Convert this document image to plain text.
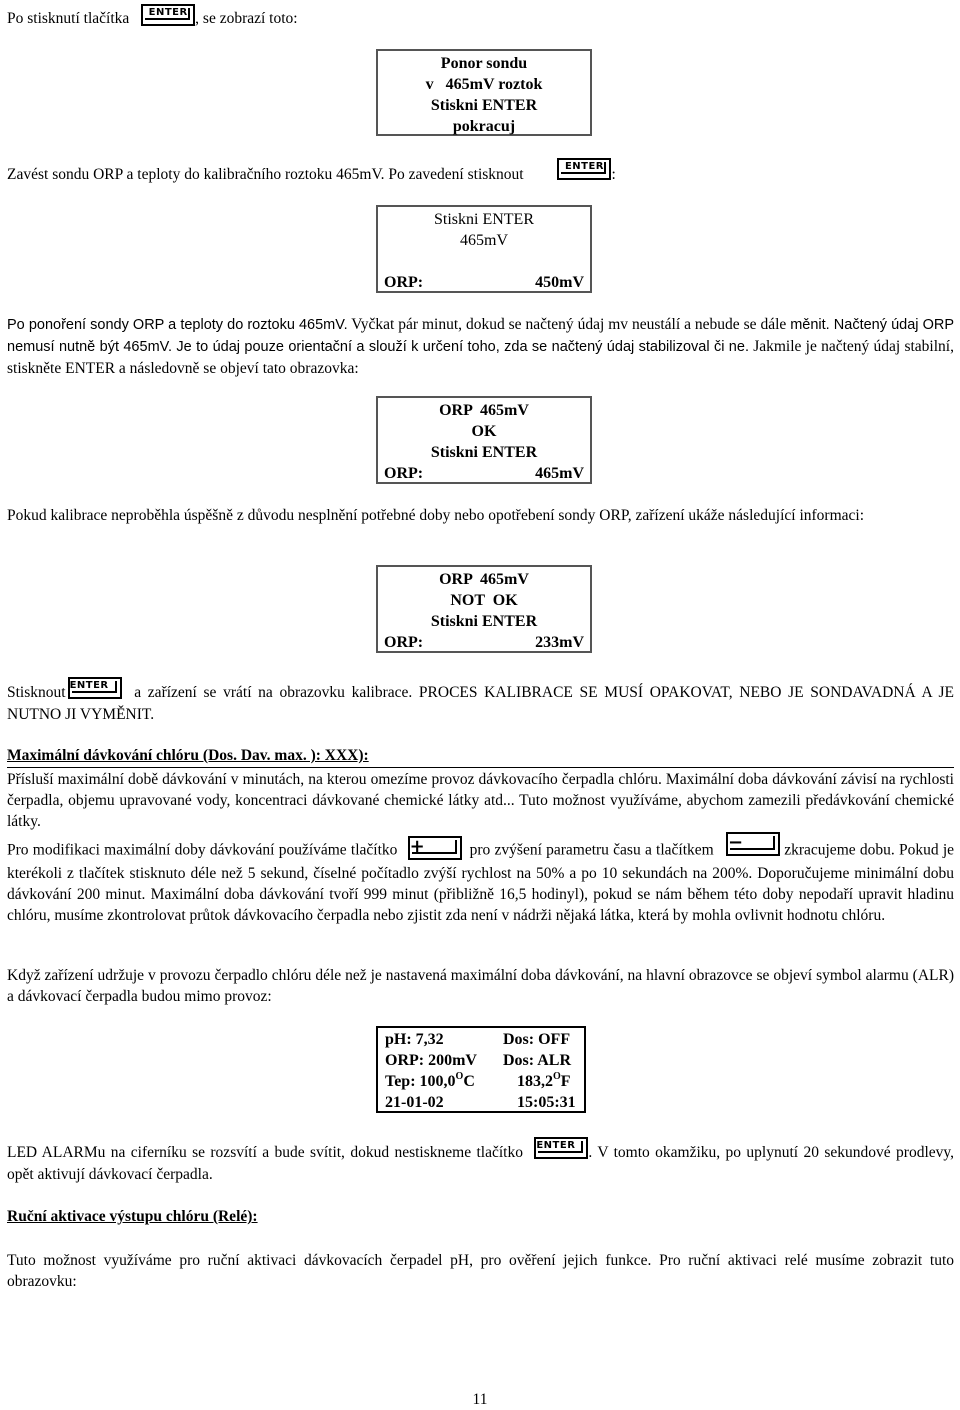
Po stisknutí tlačítka	ENTER , se zobrazí toto:
Ponor sondu
v   465mV roztok
Stiskni ENTER
pokracuj
Zavést sondu ORP a teploty do kalibračního roztoku 465mV. Po zavedení stisknout	ENTER :
Stiskni ENTER
465mV
ORP:	450mV
Po ponoření sondy ORP a teploty do roztoku 465mV. Vyčkat pár minut, dokud se načtený údaj mv neustálí a nebude se dále měnit. Načtený údaj ORP nemusí nutně být 465mV. Je to údaj pouze orientační a slouží k určení toho, zda se načtený údaj stabilizoval či ne. Jakmile je načtený údaj stabilní, stiskněte ENTER a následovně se objeví tato obrazovka:
ORP  465mV
OK
Stiskni ENTER
ORP:	465mV
Pokud kalibrace neproběhla úspěšně z důvodu nesplnění potřebné doby nebo opotřebení sondy ORP, zařízení ukáže následující informaci:
ORP  465mV
NOT  OK
Stiskni ENTER
ORP:	233mV
Stisknout ENTER	a zařízení se vrátí na obrazovku kalibrace. PROCES KALIBRACE SE MUSÍ OPAKOVAT, NEBO JE SONDAVADNÁ A JE NUTNO JI VYMĚNIT.
Maximální dávkování chlóru (Dos. Dav. max. ): XXX):
Přísluší maximální době dávkování v minutách, na kterou omezíme provoz dávkovacího čerpadla chlóru. Maximální doba dávkování závisí na rychlosti čerpadla, objemu upravované vody, koncentraci dávkované chemické látky atd... Tuto možnost využíváme, abychom zamezili předávkování chemické látky.
Pro modifikaci maximální doby dávkování používáme tlačítko +	pro zvýšení parametru času a tlačítkem −	zkracujeme dobu. Pokud je kterékoli z tlačítek stisknuto déle než 5 sekund, číselné počítadlo zvýší rychlost na 50% a po 10 sekundách na 200%. Doporučujeme minimální dobu dávkování 200 minut. Maximální doba dávkování tvoří 999 minut (přibližně 16,5 hodinyl), pokud se nám během této doby nepodaří upravit hladinu chlóru, musíme zkontrolovat průtok dávkovacího čerpadla nebo zjistit zda není v nádrži nějaká látka, která by mohla ovlivnit hodnotu chlóru.
Když zařízení udržuje v provozu čerpadlo chlóru déle než je nastavená maximální doba dávkování, na hlavní obrazovce se objeví symbol alarmu (ALR) a dávkovací čerpadla budou mimo provoz:
pH: 7,32	Dos: OFF
ORP: 200mV	Dos: ALR
Tep: $100,0^OC$	$183,2^OF$
21-01-02	15:05:31
LED ALARMu na ciferníku se rozsvítí a bude svítit, dokud nestiskneme tlačítko ENTER . V tomto okamžiku, po uplynutí 20 sekundové prodlevy, opět aktivují dávkovací čerpadla.
Ruční aktivace výstupu chlóru (Relé):
Tuto možnost využíváme pro ruční aktivaci dávkovacích čerpadel pH, pro ověření jejich funkce. Pro ruční aktivaci relé musíme zobrazit tuto obrazovku:
11
